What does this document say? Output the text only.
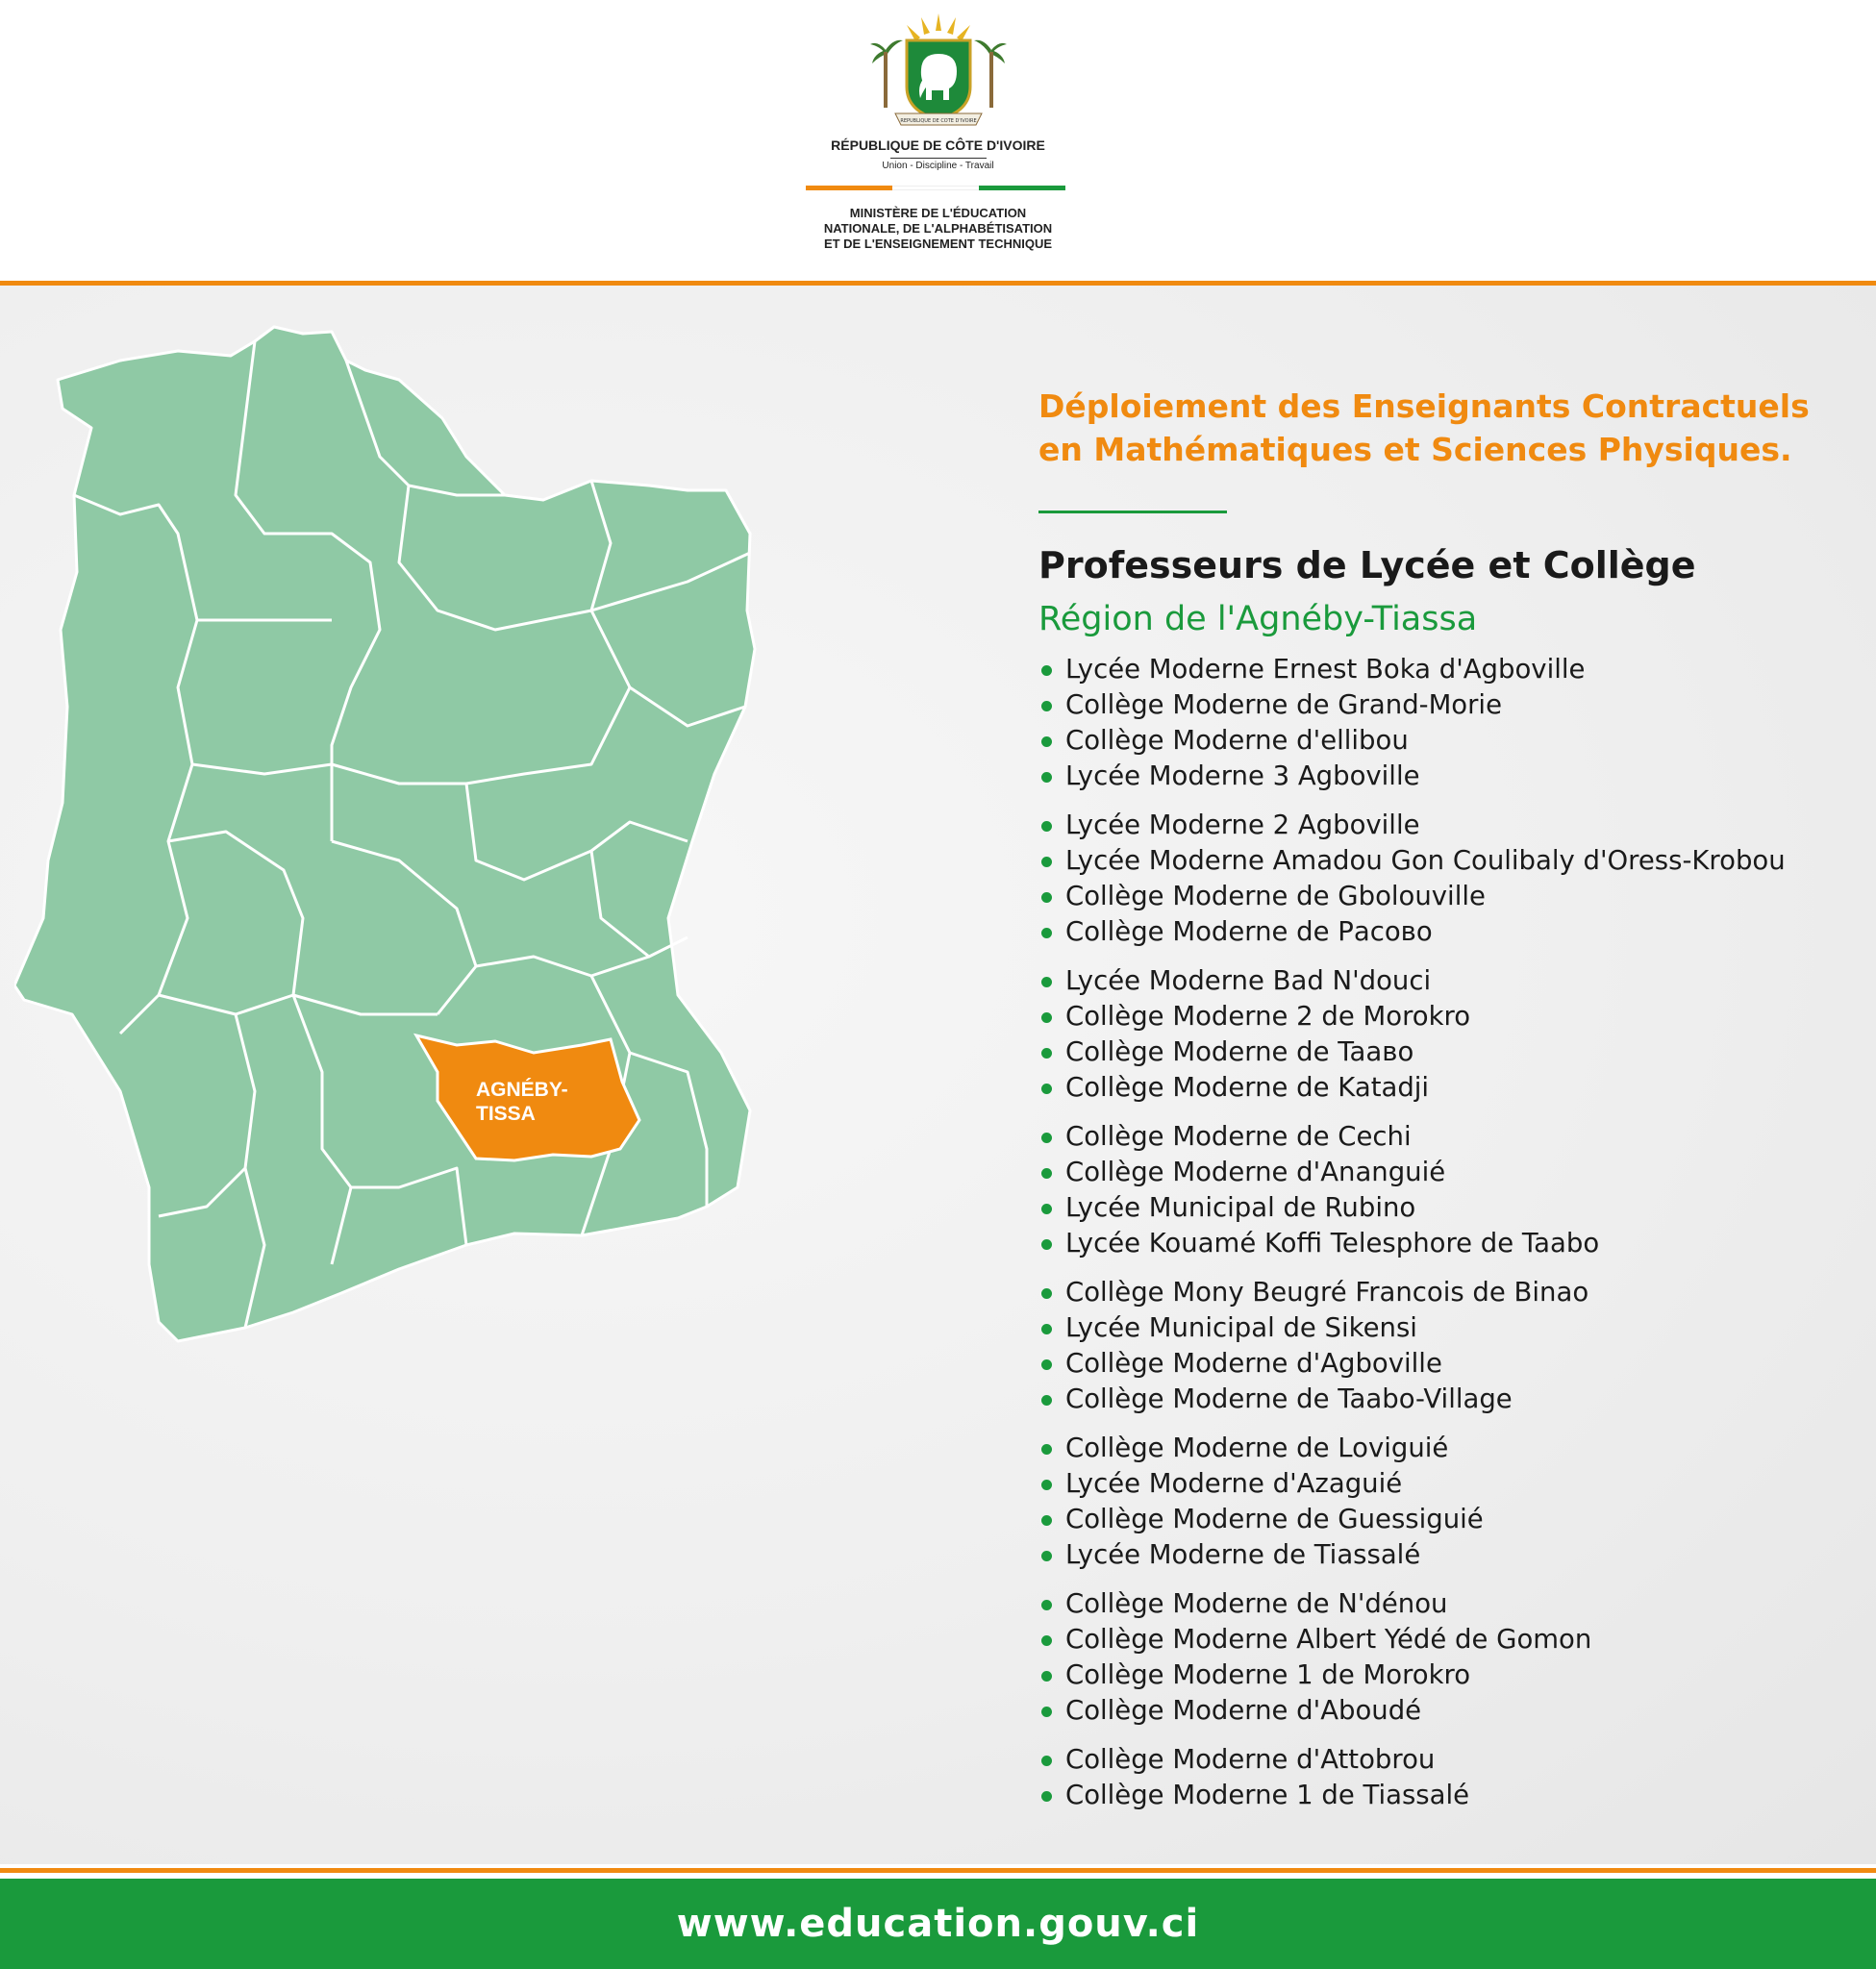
REPUBLIQUE DE COTE D'IVOIRE
RÉPUBLIQUE DE CÔTE D'IVOIRE
Union - Discipline - Travail
MINISTÈRE DE L'ÉDUCATION
NATIONALE, DE L'ALPHABÉTISATION
ET DE L'ENSEIGNEMENT TECHNIQUE
AGNÉBY- TISSA
Déploiement des Enseignants Contractuels
en Mathématiques et Sciences Physiques.
Professeurs de Lycée et Collège
Région de l'Agnéby-Tiassa
Lycée Moderne Ernest Boka d'Agboville
Collège Moderne de Grand-Morie
Collège Moderne d'ellibou
Lycée Moderne 3 Agboville
Lycée Moderne 2 Agboville
Lycée Moderne Amadou Gon Coulibaly d'Oress-Krobou
Collège Moderne de Gbolouville
Collège Moderne de Расово
Lycée Moderne Bad N'douci
Collège Moderne 2 de Morokro
Collège Moderne de Taaво
Collège Moderne de Katadji
Collège Moderne de Cechi
Collège Moderne d'Ananguié
Lycée Municipal de Rubino
Lycée Kouamé Koffi Telesphore de Taabo
Collège Mony Beugré Francois de Binao
Lycée Municipal de Sikensi
Collège Moderne d'Agboville
Collège Moderne de Taabo-Village
Collège Moderne de Loviguié
Lycée Moderne d'Azaguié
Collège Moderne de Guessiguié
Lycée Moderne de Tiassalé
Collège Moderne de N'dénou
Collège Moderne Albert Yédé de Gomon
Collège Moderne 1 de Morokro
Collège Moderne d'Aboudé
Collège Moderne d'Attobrou
Collège Moderne 1 de Tiassalé
www.education.gouv.ci
